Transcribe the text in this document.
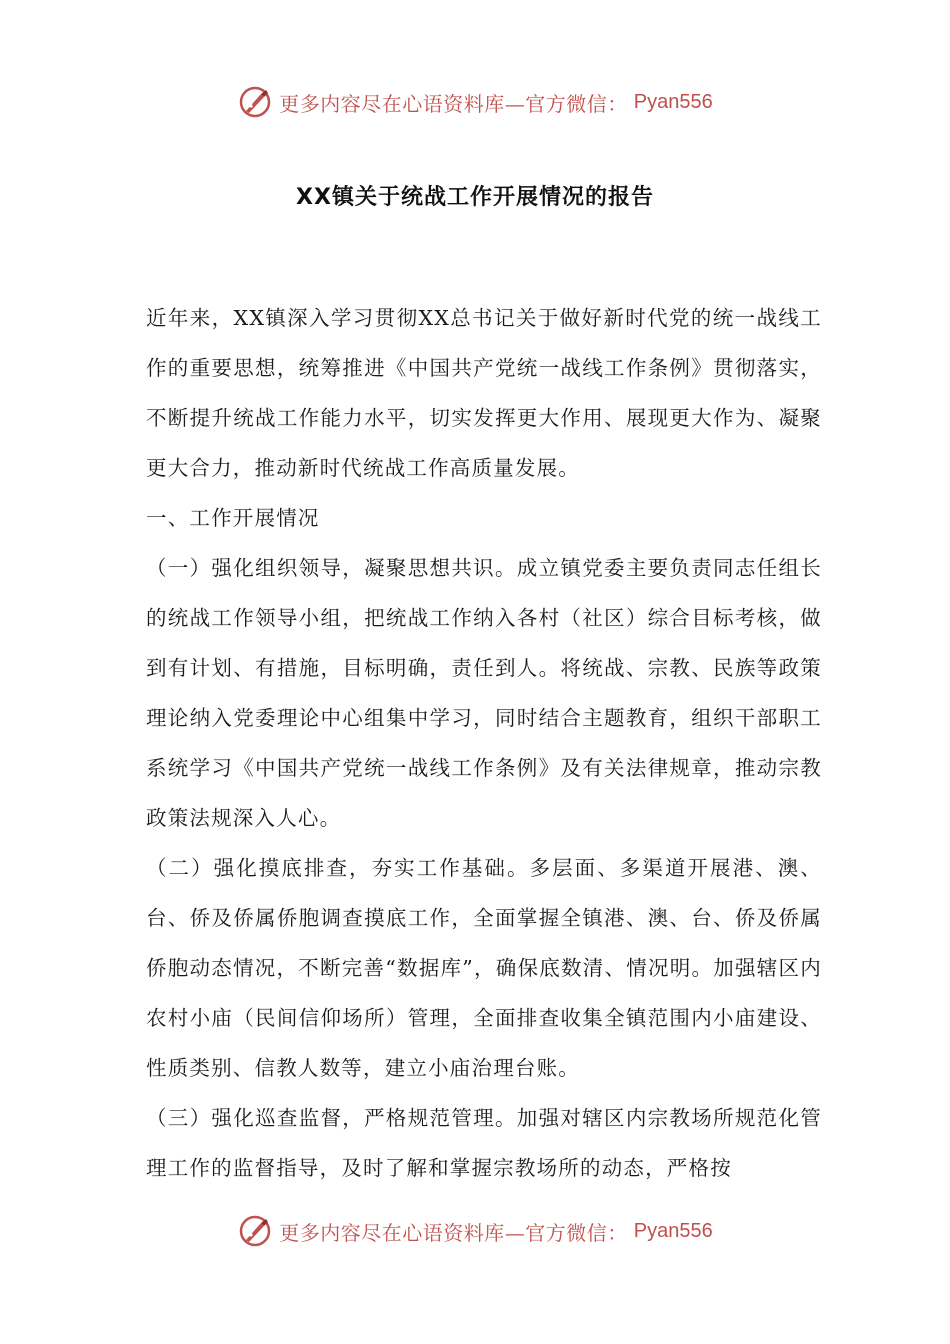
更多内容尽在心语资料库—官方微信： Pyan556
XX镇关于统战工作开展情况的报告

近年来，XX镇深入学习贯彻XX总书记关于做好新时代党的统一战线工作的重要思想，统筹推进《中国共产党统一战线工作条例》贯彻落实，不断提升统战工作能力水平，切实发挥更大作用、展现更大作为、凝聚更大合力，推动新时代统战工作高质量发展。

一、工作开展情况

（一）强化组织领导，凝聚思想共识。成立镇党委主要负责同志任组长的统战工作领导小组，把统战工作纳入各村（社区）综合目标考核，做到有计划、有措施，目标明确，责任到人。将统战、宗教、民族等政策理论纳入党委理论中心组集中学习，同时结合主题教育，组织干部职工系统学习《中国共产党统一战线工作条例》及有关法律规章，推动宗教政策法规深入人心。

（二）强化摸底排查，夯实工作基础。多层面、多渠道开展港、澳、台、侨及侨属侨胞调查摸底工作，全面掌握全镇港、澳、台、侨及侨属侨胞动态情况，不断完善“数据库”，确保底数清、情况明。加强辖区内农村小庙（民间信仰场所）管理，全面排查收集全镇范围内小庙建设、性质类别、信教人数等，建立小庙治理台账。

（三）强化巡查监督，严格规范管理。加强对辖区内宗教场所规范化管理工作的监督指导，及时了解和掌握宗教场所的动态，严格按

更多内容尽在心语资料库—官方微信： Pyan556
